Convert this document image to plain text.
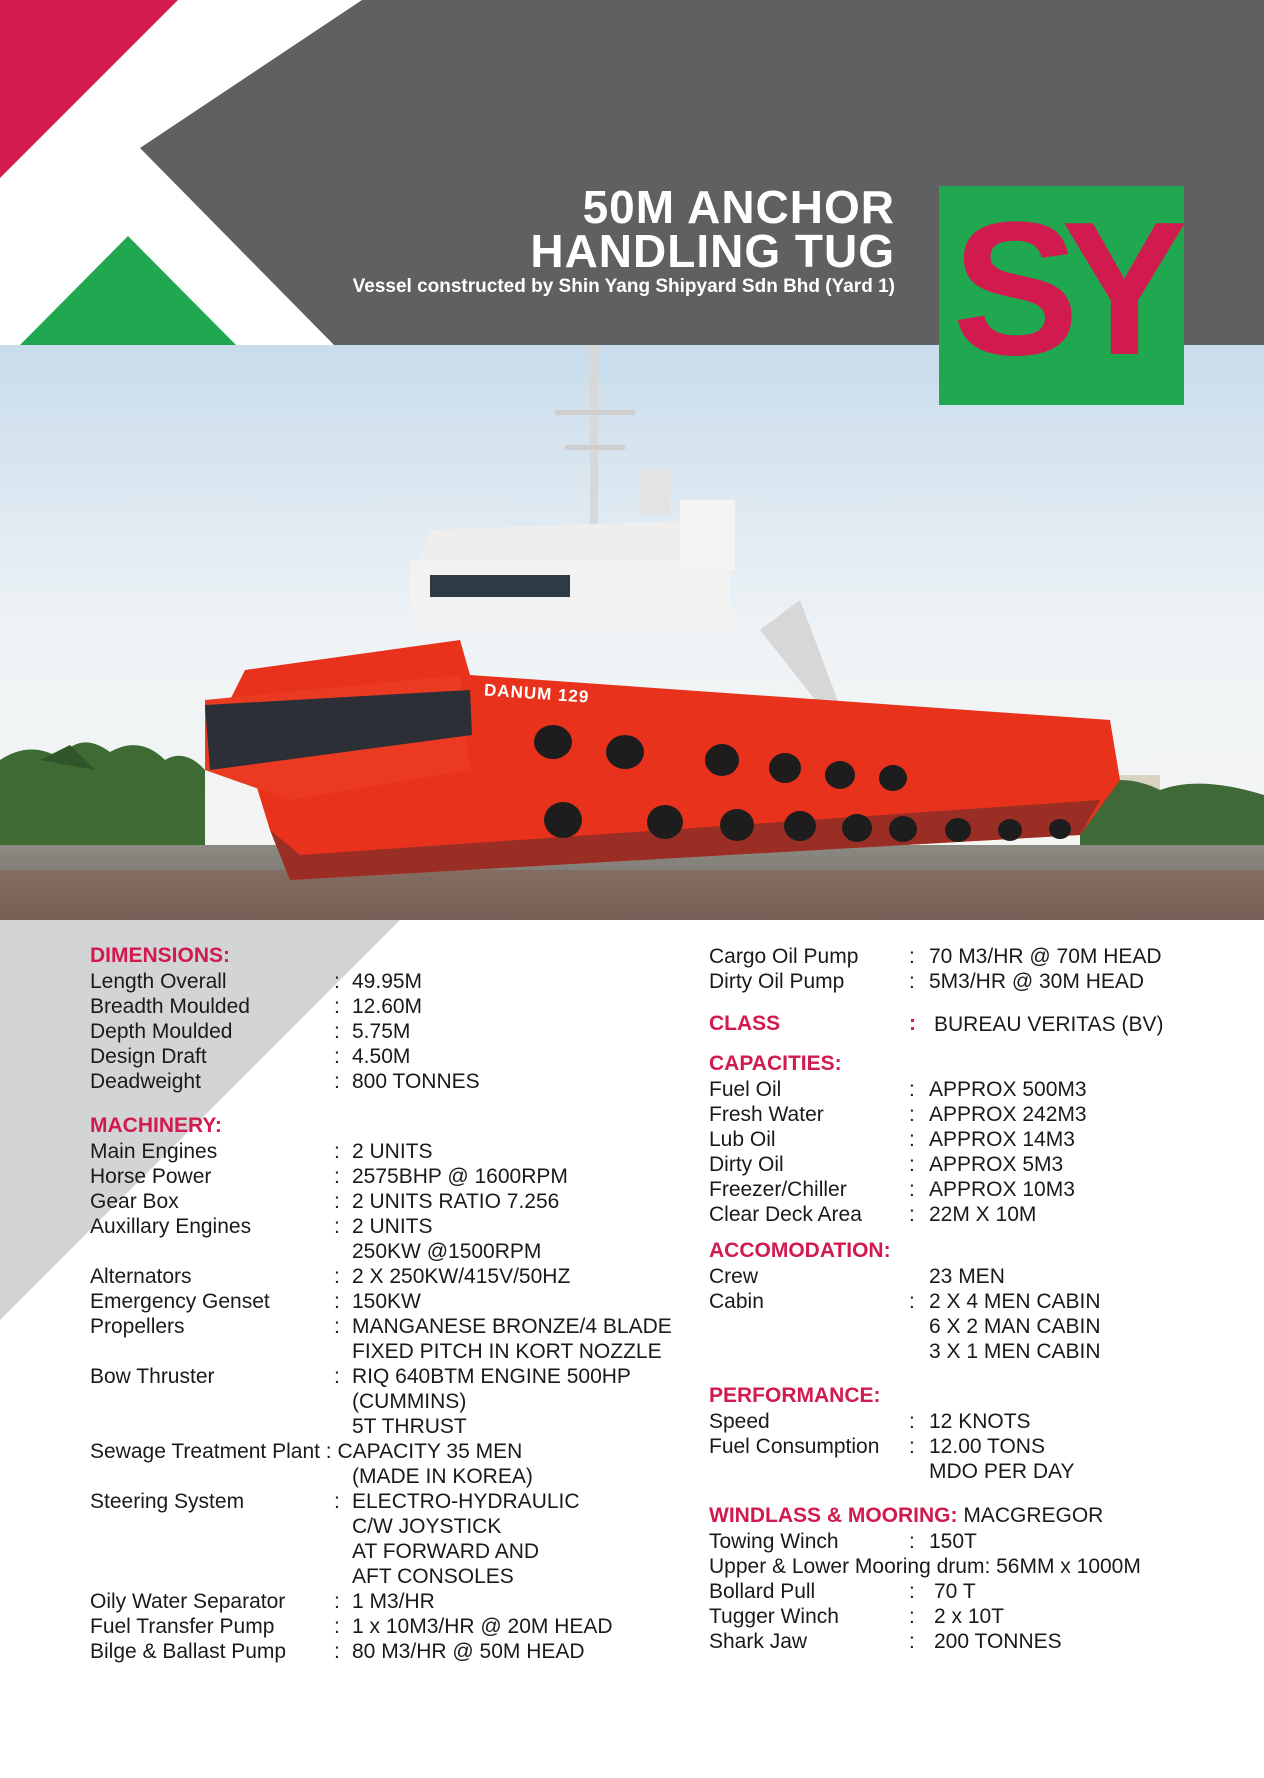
50M ANCHOR
HANDLING TUG
Vessel constructed by Shin Yang Shipyard Sdn Bhd (Yard 1)
DANUM 129
SY
DIMENSIONS:
Length Overall	: 49.95M
Breadth Moulded	: 12.60M
Depth Moulded	: 5.75M
Design Draft	: 4.50M
Deadweight	: 800 TONNES
MACHINERY:
Main Engines	: 2 UNITS
Horse Power	: 2575BHP @ 1600RPM
Gear Box	: 2 UNITS RATIO 7.256
Auxillary Engines	: 2 UNITS
250KW @1500RPM
Alternators	: 2 X 250KW/415V/50HZ
Emergency Genset	: 150KW
Propellers	: MANGANESE BRONZE/4 BLADE
FIXED PITCH IN KORT NOZZLE
Bow Thruster	: RIQ 640BTM ENGINE 500HP
(CUMMINS)
5T THRUST
Sewage Treatment Plant : CAPACITY 35 MEN
(MADE IN KOREA)
Steering System	: ELECTRO-HYDRAULIC
C/W JOYSTICK
AT FORWARD AND
AFT CONSOLES
Oily Water Separator : 1 M3/HR
Fuel Transfer Pump	: 1 x 10M3/HR @ 20M HEAD
Bilge & Ballast Pump : 80 M3/HR @ 50M HEAD
Cargo Oil Pump : 70 M3/HR @ 70M HEAD
Dirty Oil Pump	: 5M3/HR @ 30M HEAD
CLASS	: BUREAU VERITAS (BV)
CAPACITIES:
Fuel Oil	: APPROX 500M3
Fresh Water	: APPROX 242M3
Lub Oil	: APPROX 14M3
Dirty Oil	: APPROX 5M3
Freezer/Chiller	: APPROX 10M3
Clear Deck Area : 22M X 10M
ACCOMODATION:
Crew	23 MEN
Cabin	: 2 X 4 MEN CABIN
6 X 2 MAN CABIN
3 X 1 MEN CABIN
PERFORMANCE:
Speed	: 12 KNOTS
Fuel Consumption : 12.00 TONS
MDO PER DAY
WINDLASS & MOORING: MACGREGOR
Towing Winch	: 150T
Upper & Lower Mooring drum: 56MM x 1000M
Bollard Pull	: 70 T
Tugger Winch	: 2 x 10T
Shark Jaw	: 200 TONNES
